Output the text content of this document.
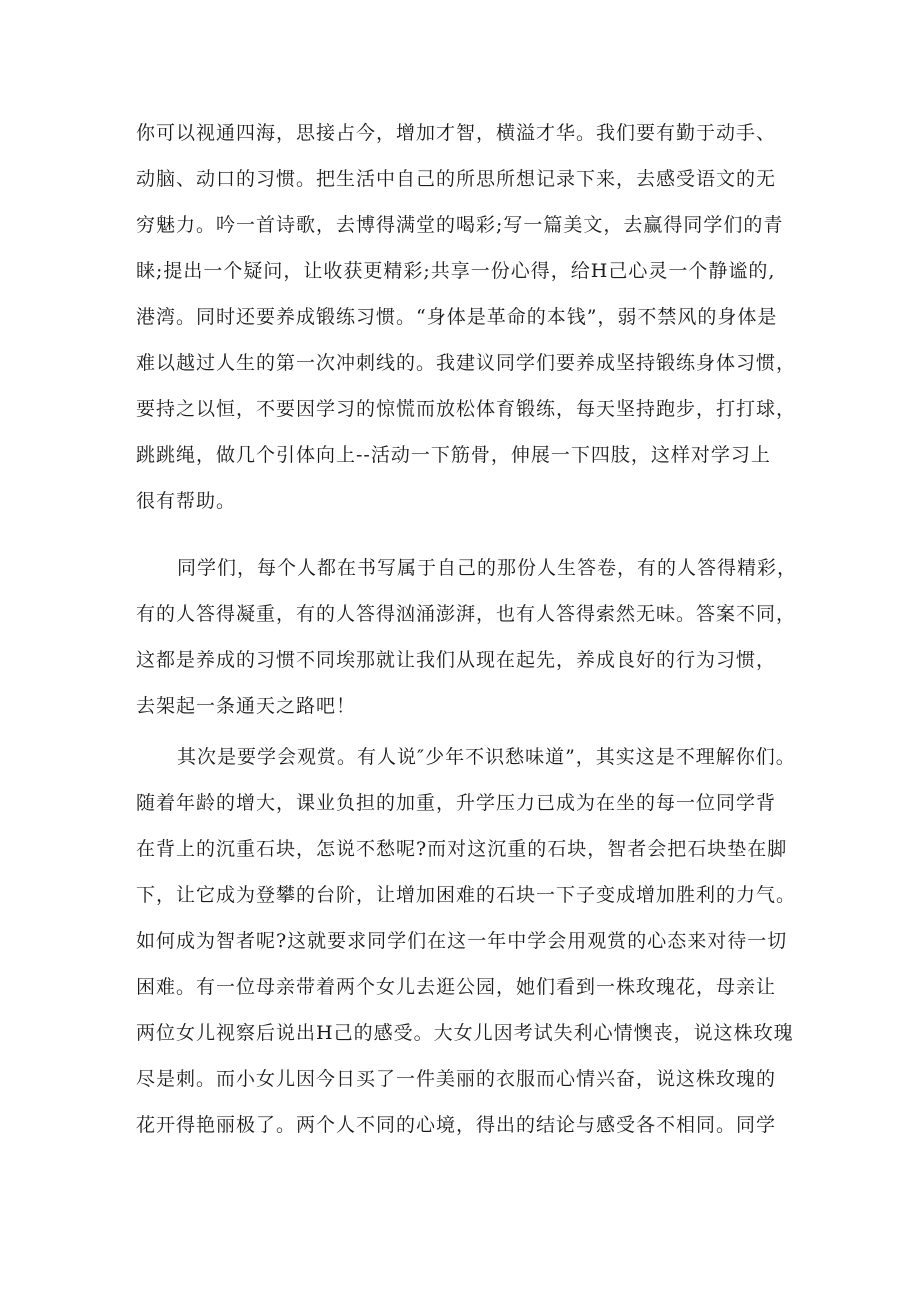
你可以视通四海，思接占今，增加才智，横溢才华。我们要有勤于动手、
动脑、动口的习惯。把生活中自己的所思所想记录下来，去感受语文的无
穷魅力。吟一首诗歌，去博得满堂的喝彩;写一篇美文，去赢得同学们的青
睐;提出一个疑问，让收获更精彩;共享一份心得，给H己心灵一个静谧的,
港湾。同时还要养成锻练习惯。“身体是革命的本钱”，弱不禁风的身体是
难以越过人生的第一次冲刺线的。我建议同学们要养成坚持锻练身体习惯，
要持之以恒，不要因学习的惊慌而放松体育锻练，每天坚持跑步，打打球，
跳跳绳，做几个引体向上--活动一下筋骨，伸展一下四肢，这样对学习上
很有帮助。
同学们，每个人都在书写属于自己的那份人生答卷，有的人答得精彩，
有的人答得凝重，有的人答得汹涌澎湃，也有人答得索然无味。答案不同，
这都是养成的习惯不同埃那就让我们从现在起先，养成良好的行为习惯，
去架起一条通天之路吧！
其次是要学会观赏。有人说″少年不识愁味道”，其实这是不理解你们。
随着年龄的增大，课业负担的加重，升学压力已成为在坐的每一位同学背
在背上的沉重石块，怎说不愁呢?而对这沉重的石块，智者会把石块垫在脚
下，让它成为登攀的台阶，让增加困难的石块一下子变成增加胜利的力气。
如何成为智者呢?这就要求同学们在这一年中学会用观赏的心态来对待一切
困难。有一位母亲带着两个女儿去逛公园，她们看到一株玫瑰花，母亲让
两位女儿视察后说出H己的感受。大女儿因考试失利心情懊丧，说这株玫瑰
尽是刺。而小女儿因今日买了一件美丽的衣服而心情兴奋，说这株玫瑰的
花开得艳丽极了。两个人不同的心境，得出的结论与感受各不相同。同学
